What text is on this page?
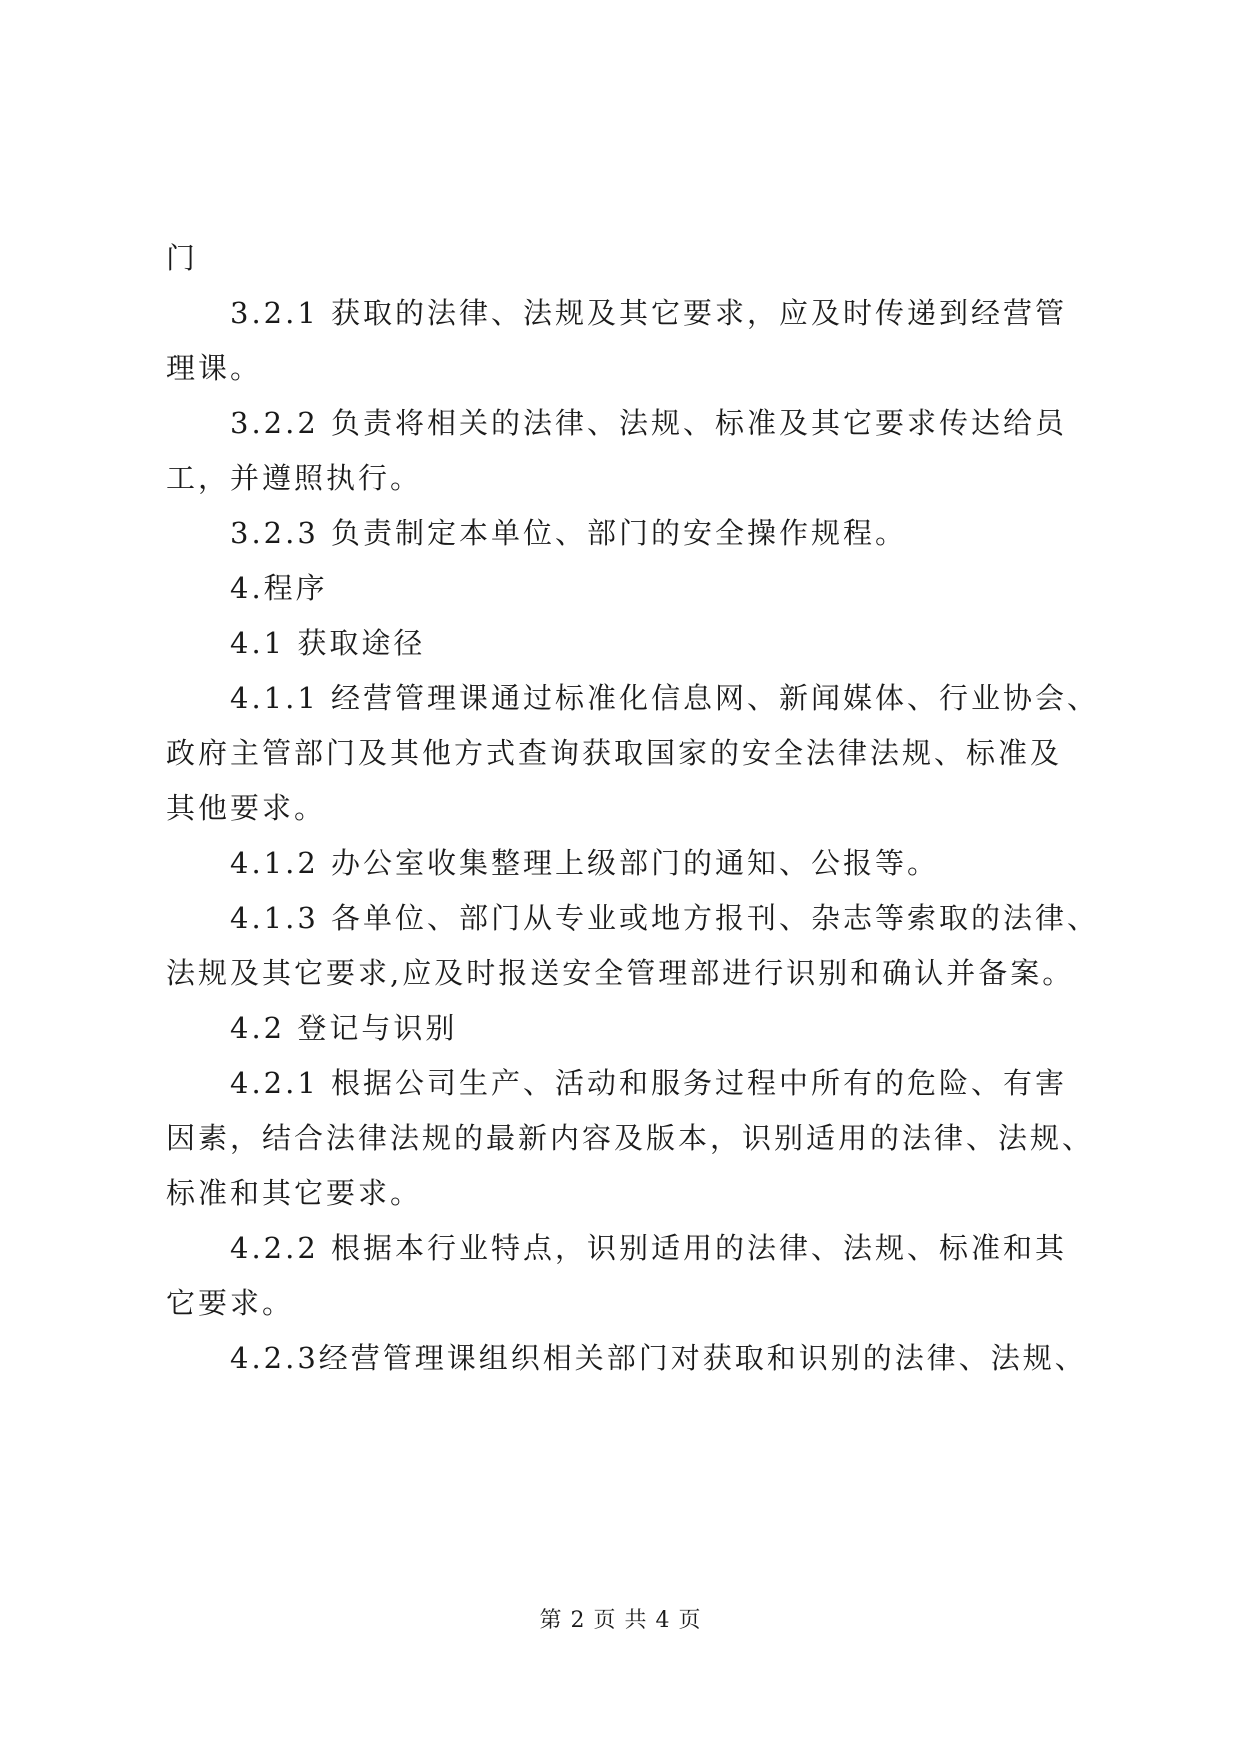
门
3.2.1 获取的法律、法规及其它要求，应及时传递到经营管
理课。
3.2.2 负责将相关的法律、法规、标准及其它要求传达给员
工，并遵照执行。
3.2.3 负责制定本单位、部门的安全操作规程。
4.程序
4.1 获取途径
4.1.1 经营管理课通过标准化信息网、新闻媒体、行业协会、
政府主管部门及其他方式查询获取国家的安全法律法规、标准及
其他要求。
4.1.2 办公室收集整理上级部门的通知、公报等。
4.1.3 各单位、部门从专业或地方报刊、杂志等索取的法律、
法规及其它要求,应及时报送安全管理部进行识别和确认并备案。
4.2 登记与识别
4.2.1 根据公司生产、活动和服务过程中所有的危险、有害
因素，结合法律法规的最新内容及版本，识别适用的法律、法规、
标准和其它要求。
4.2.2 根据本行业特点，识别适用的法律、法规、标准和其
它要求。
4.2.3经营管理课组织相关部门对获取和识别的法律、法规、
第 2 页 共 4 页
